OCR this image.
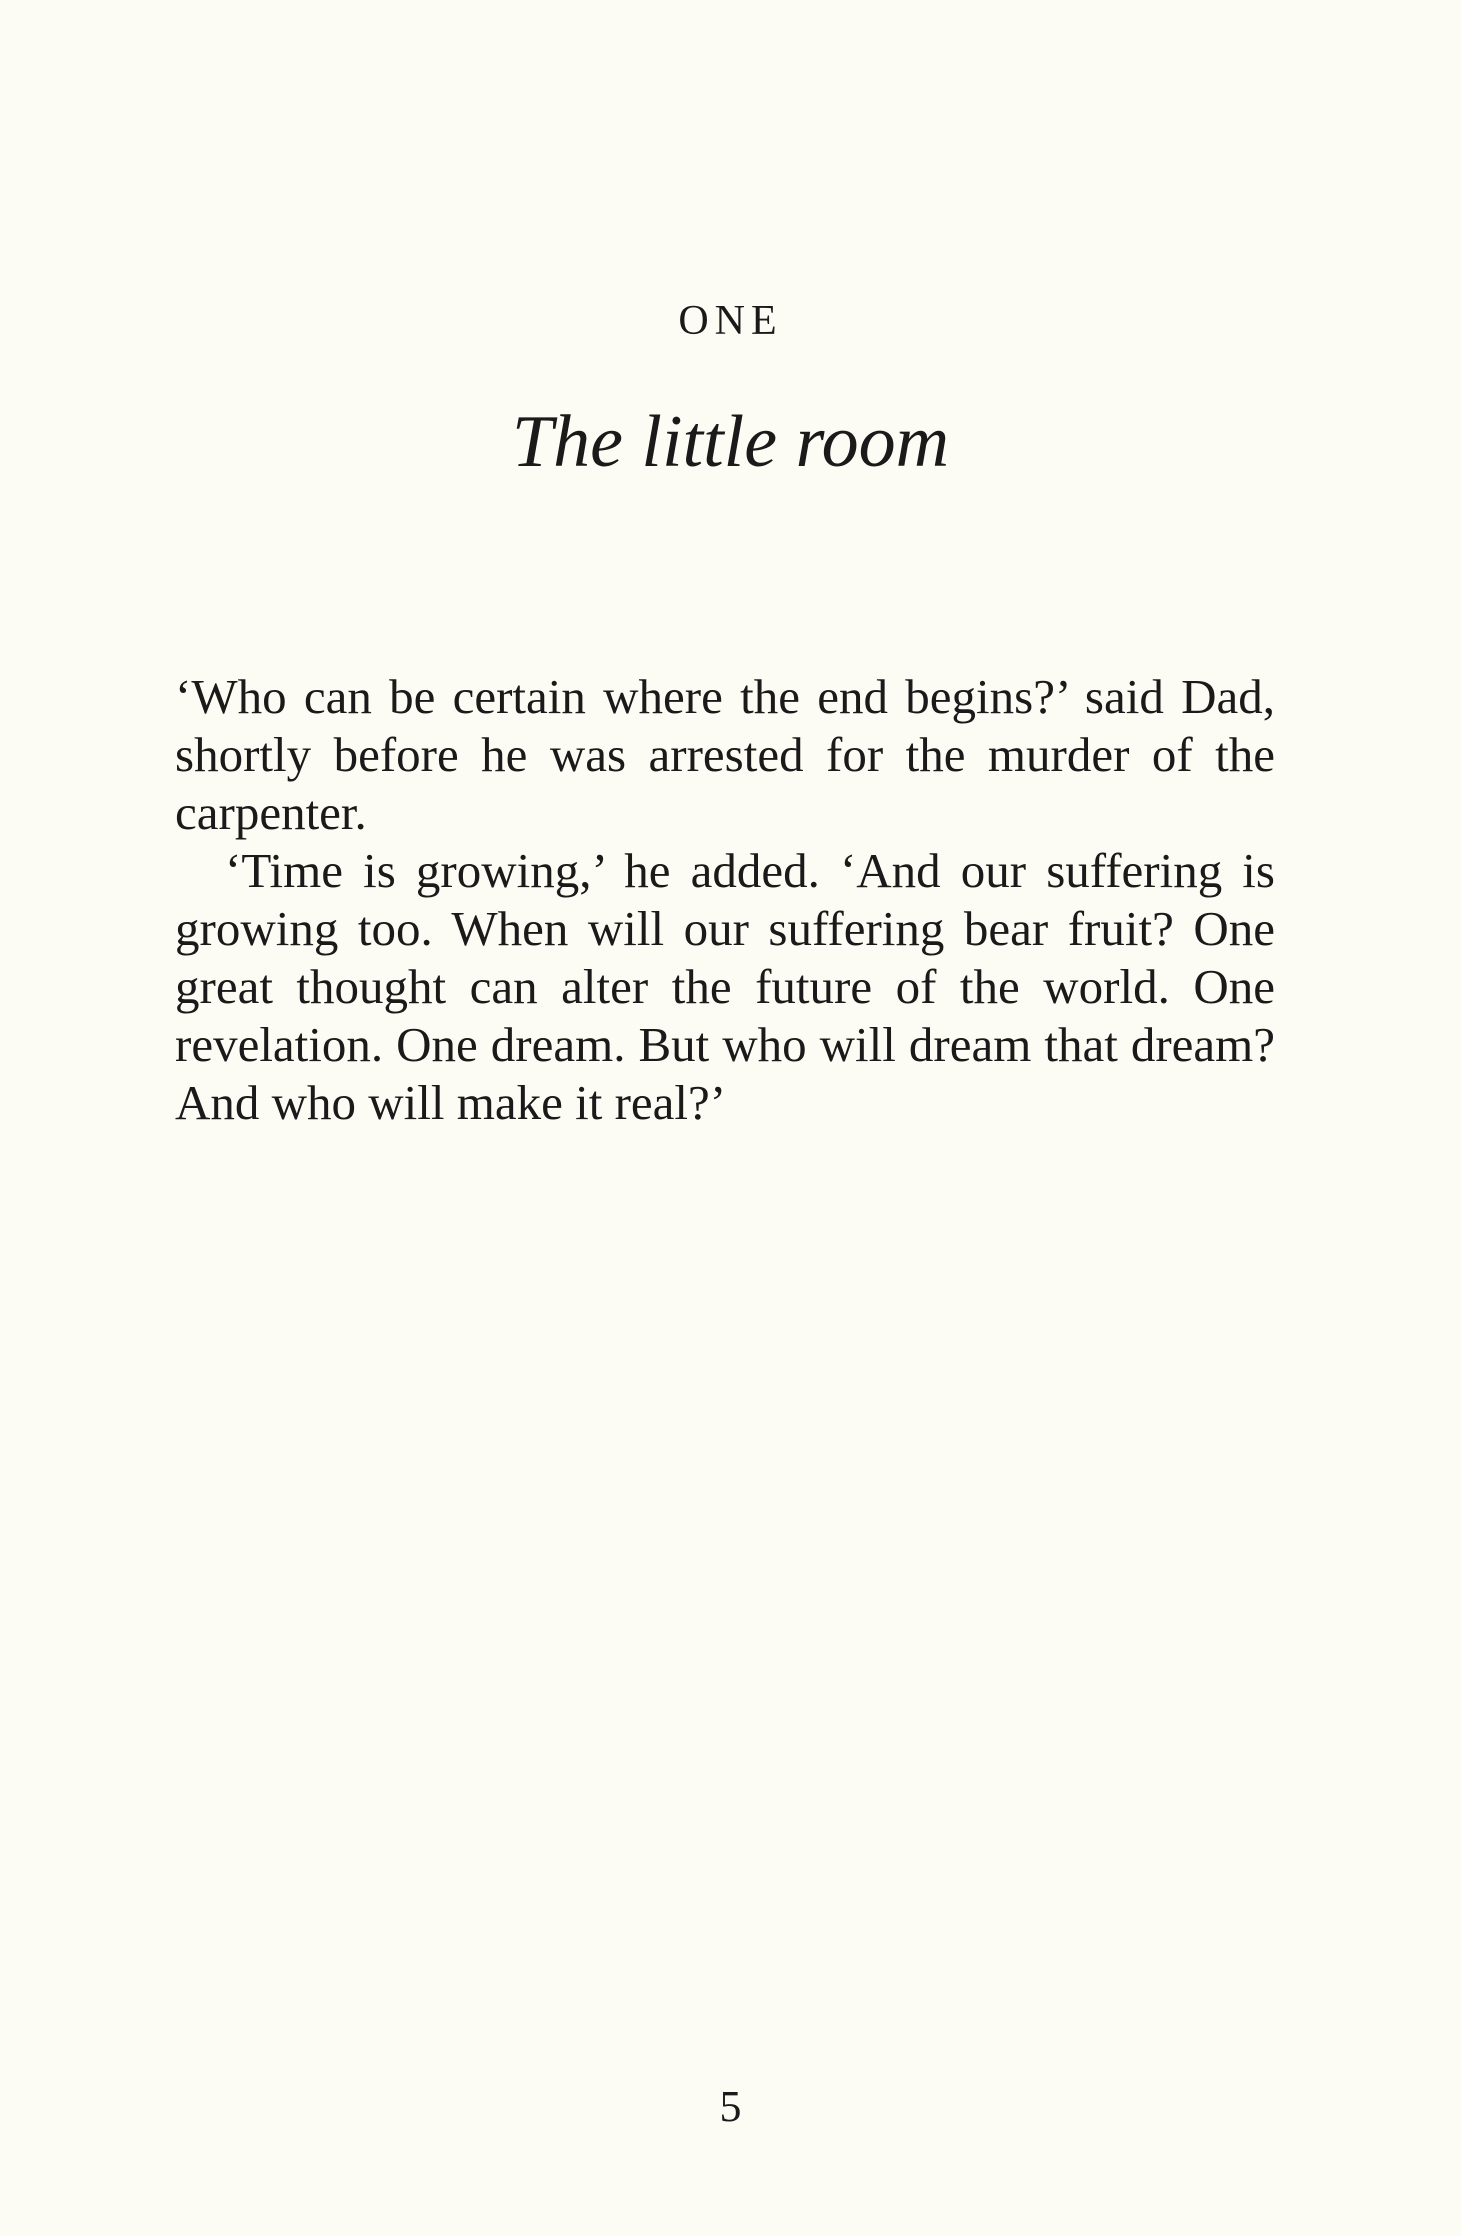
ONE
The little room

‘Who can be certain where the end begins?’ said Dad, shortly before he was arrested for the murder of the carpenter.

‘Time is growing,’ he added. ‘And our suffering is growing too. When will our suffering bear fruit? One great thought can alter the future of the world. One revelation. One dream. But who will dream that dream? And who will make it real?’

5
